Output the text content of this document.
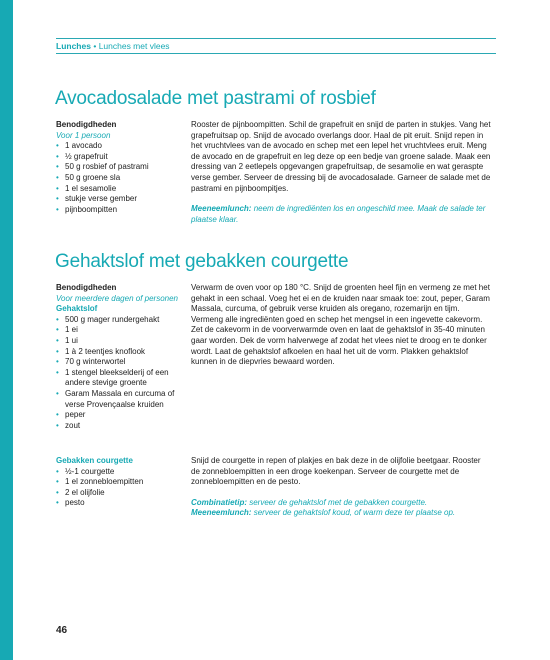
Lunches • Lunches met vlees
Avocadosalade met pastrami of rosbief
Benodigdheden
Voor 1 persoon
• 1 avocado
• ½ grapefruit
• 50 g rosbief of pastrami
• 50 g groene sla
• 1 el sesamolie
• stukje verse gember
• pijnboompitten

Rooster de pijnboompitten. Schil de grapefruit en snijd de parten in stukjes. Vang het grapefruitsap op. Snijd de avocado overlangs door. Haal de pit eruit. Snijd repen in het vruchtvlees van de avocado en schep met een lepel het vruchtvlees eruit. Meng de avocado en de grapefruit en leg deze op een bedje van groene salade. Maak een dressing van 2 eetlepels opgevangen grapefruitsap, de sesamolie en wat geraspte verse gember. Serveer de dressing bij de avocadosalade. Garneer de salade met de pastrami en pijnboompitjes.

Meeneemlunch: neem de ingrediënten los en ongeschild mee. Maak de salade ter plaatse klaar.

Gehaktslof met gebakken courgette
Benodigdheden
Voor meerdere dagen of personen
Gehaktslof
• 500 g mager rundergehakt
• 1 ei
• 1 ui
• 1 à 2 teentjes knoflook
• 70 g winterwortel
• 1 stengel bleekselderij of een andere stevige groente
• Garam Massala en curcuma of verse Provençaalse kruiden
• peper
• zout

Verwarm de oven voor op 180 °C. Snijd de groenten heel fijn en vermeng ze met het gehakt in een schaal. Voeg het ei en de kruiden naar smaak toe: zout, peper, Garam Massala, curcuma, of gebruik verse kruiden als oregano, rozemarijn en tijm. Vermeng alle ingrediënten goed en schep het mengsel in een ingevette cakevorm. Zet de cakevorm in de voorverwarmde oven en laat de gehaktslof in 35-40 minuten gaar worden. Dek de vorm halverwege af zodat het vlees niet te droog en te donker wordt. Laat de gehaktslof afkoelen en haal het uit de vorm. Plakken gehaktslof kunnen in de diepvries bewaard worden.

Gebakken courgette
• ½-1 courgette
• 1 el zonnebloempitten
• 2 el olijfolie
• pesto

Snijd de courgette in repen of plakjes en bak deze in de olijfolie beetgaar. Rooster de zonnebloempitten in een droge koekenpan. Serveer de courgette met de zonnebloempitten en de pesto.

Combinatietip: serveer de gehaktslof met de gebakken courgette.

Meeneemlunch: serveer de gehaktslof koud, of warm deze ter plaatse op.

46
